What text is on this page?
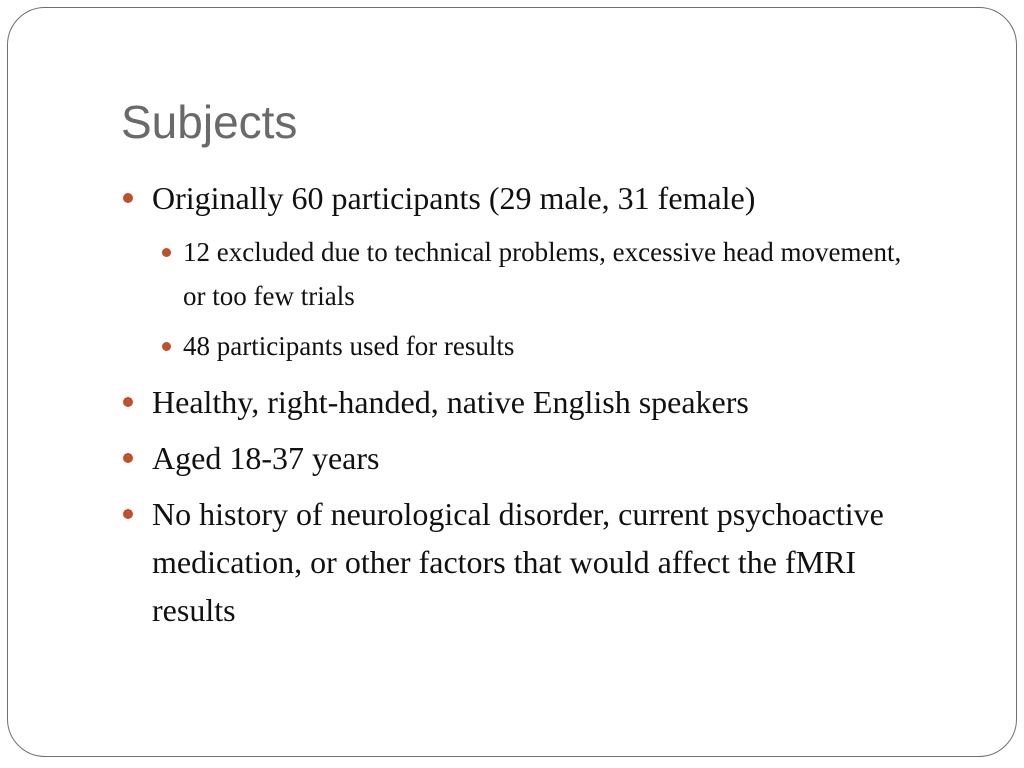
Subjects
Originally 60 participants (29 male, 31 female)
12 excluded due to technical problems, excessive head movement, or too few trials
48 participants used for results
Healthy, right-handed, native English speakers
Aged 18-37 years
No history of neurological disorder, current psychoactive medication, or other factors that would affect the fMRI results
